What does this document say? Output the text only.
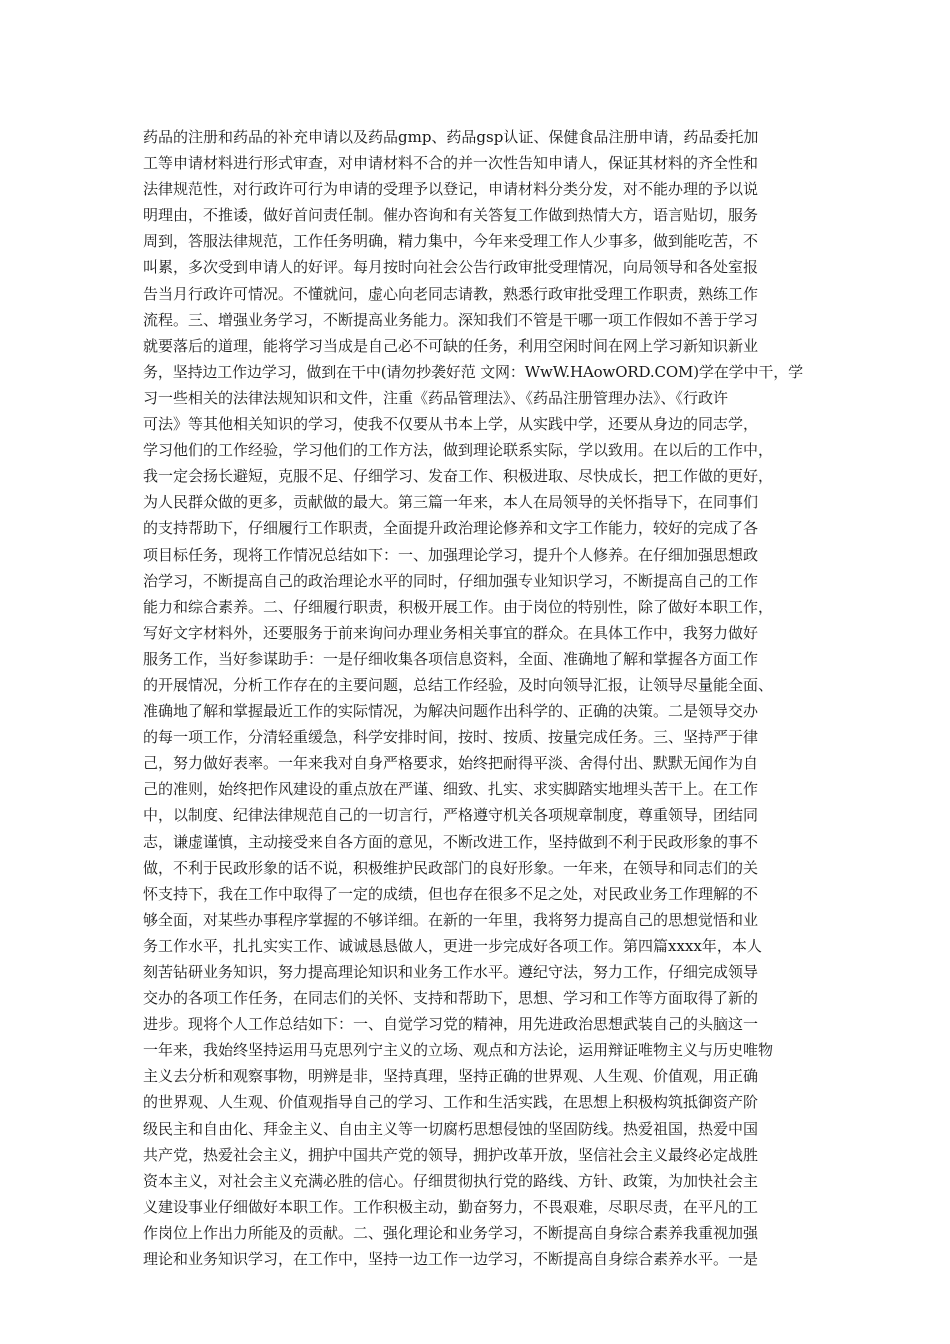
药品的注册和药品的补充申请以及药品gmp、药品gsp认证、保健食品注册申请，药品委托加
工等申请材料进行形式审查，对申请材料不合的并一次性告知申请人，保证其材料的齐全性和
法律规范性，对行政许可行为申请的受理予以登记，申请材料分类分发，对不能办理的予以说
明理由，不推诿，做好首问责任制。催办咨询和有关答复工作做到热情大方，语言贴切，服务
周到，答服法律规范，工作任务明确，精力集中，今年来受理工作人少事多，做到能吃苦，不
叫累，多次受到申请人的好评。每月按时向社会公告行政审批受理情况，向局领导和各处室报
告当月行政许可情况。不懂就问，虚心向老同志请教，熟悉行政审批受理工作职责，熟练工作
流程。三、增强业务学习，不断提高业务能力。深知我们不管是干哪一项工作假如不善于学习
就要落后的道理，能将学习当成是自己必不可缺的任务，利用空闲时间在网上学习新知识新业
务，坚持边工作边学习，做到在干中(请勿抄袭好范 文网：WwW.HAowORD.COM)学在学中干，学
习一些相关的法律法规知识和文件，注重《药品管理法》、《药品注册管理办法》、《行政许
可法》等其他相关知识的学习，使我不仅要从书本上学，从实践中学，还要从身边的同志学，
学习他们的工作经验，学习他们的工作方法，做到理论联系实际，学以致用。在以后的工作中，
我一定会扬长避短，克服不足、仔细学习、发奋工作、积极进取、尽快成长，把工作做的更好，
为人民群众做的更多，贡献做的最大。第三篇一年来，本人在局领导的关怀指导下，在同事们
的支持帮助下，仔细履行工作职责，全面提升政治理论修养和文字工作能力，较好的完成了各
项目标任务，现将工作情况总结如下：一、加强理论学习，提升个人修养。在仔细加强思想政
治学习，不断提高自己的政治理论水平的同时，仔细加强专业知识学习，不断提高自己的工作
能力和综合素养。二、仔细履行职责，积极开展工作。由于岗位的特别性，除了做好本职工作，
写好文字材料外，还要服务于前来询问办理业务相关事宜的群众。在具体工作中，我努力做好
服务工作，当好参谋助手：一是仔细收集各项信息资料，全面、准确地了解和掌握各方面工作
的开展情况，分析工作存在的主要问题，总结工作经验，及时向领导汇报，让领导尽量能全面、
准确地了解和掌握最近工作的实际情况，为解决问题作出科学的、正确的决策。二是领导交办
的每一项工作，分清轻重缓急，科学安排时间，按时、按质、按量完成任务。三、坚持严于律
己，努力做好表率。一年来我对自身严格要求，始终把耐得平淡、舍得付出、默默无闻作为自
己的准则，始终把作风建设的重点放在严谨、细致、扎实、求实脚踏实地埋头苦干上。在工作
中，以制度、纪律法律规范自己的一切言行，严格遵守机关各项规章制度，尊重领导，团结同
志，谦虚谨慎，主动接受来自各方面的意见，不断改进工作，坚持做到不利于民政形象的事不
做，不利于民政形象的话不说，积极维护民政部门的良好形象。一年来，在领导和同志们的关
怀支持下，我在工作中取得了一定的成绩，但也存在很多不足之处，对民政业务工作理解的不
够全面，对某些办事程序掌握的不够详细。在新的一年里，我将努力提高自己的思想觉悟和业
务工作水平，扎扎实实工作、诚诚恳恳做人，更进一步完成好各项工作。第四篇xxxx年，本人
刻苦钻研业务知识，努力提高理论知识和业务工作水平。遵纪守法，努力工作，仔细完成领导
交办的各项工作任务，在同志们的关怀、支持和帮助下，思想、学习和工作等方面取得了新的
进步。现将个人工作总结如下：一、自觉学习党的精神，用先进政治思想武装自己的头脑这一
一年来，我始终坚持运用马克思列宁主义的立场、观点和方法论，运用辩证唯物主义与历史唯物
主义去分析和观察事物，明辨是非，坚持真理，坚持正确的世界观、人生观、价值观，用正确
的世界观、人生观、价值观指导自己的学习、工作和生活实践，在思想上积极构筑抵御资产阶
级民主和自由化、拜金主义、自由主义等一切腐朽思想侵蚀的坚固防线。热爱祖国，热爱中国
共产党，热爱社会主义，拥护中国共产党的领导，拥护改革开放，坚信社会主义最终必定战胜
资本主义，对社会主义充满必胜的信心。仔细贯彻执行党的路线、方针、政策，为加快社会主
义建设事业仔细做好本职工作。工作积极主动，勤奋努力，不畏艰难，尽职尽责，在平凡的工
作岗位上作出力所能及的贡献。二、强化理论和业务学习，不断提高自身综合素养我重视加强
理论和业务知识学习，在工作中，坚持一边工作一边学习，不断提高自身综合素养水平。一是
